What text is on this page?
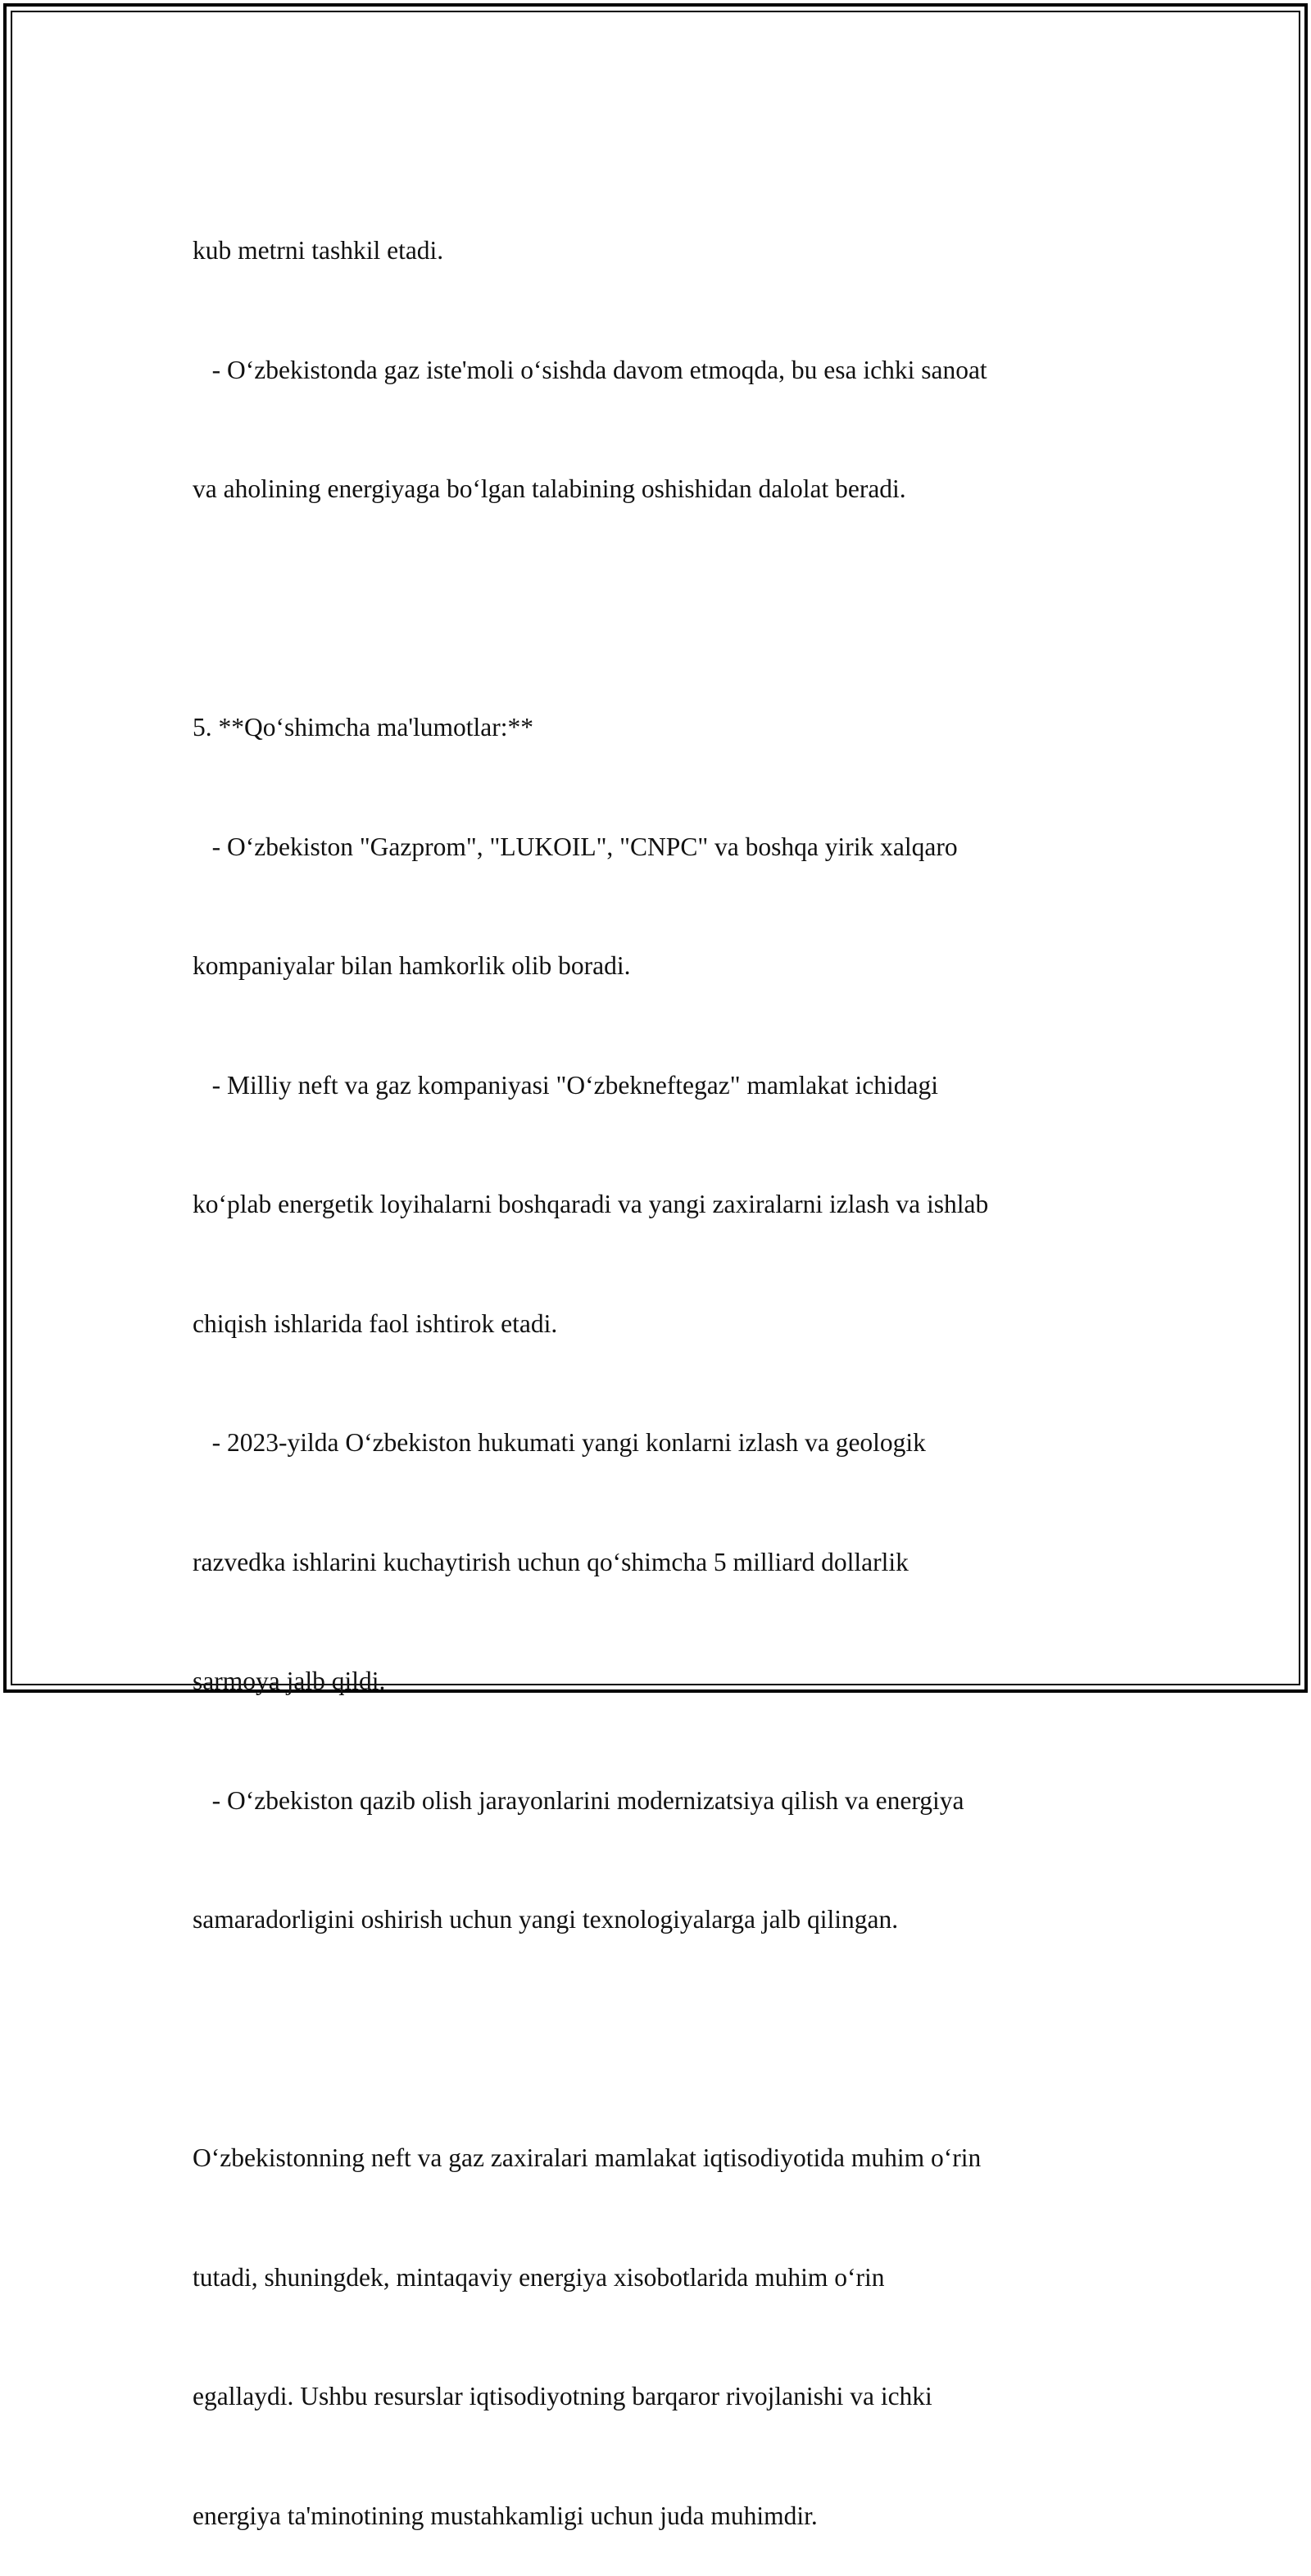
kub metrni tashkil etadi.

- O‘zbekistonda gaz iste'moli o‘sishda davom etmoqda, bu esa ichki sanoat

va aholining energiyaga bo‘lgan talabining oshishidan dalolat beradi.

5. **Qo‘shimcha ma'lumotlar:**

- O‘zbekiston "Gazprom", "LUKOIL", "CNPC" va boshqa yirik xalqaro

kompaniyalar bilan hamkorlik olib boradi.

- Milliy neft va gaz kompaniyasi "O‘zbekneftegaz" mamlakat ichidagi

ko‘plab energetik loyihalarni boshqaradi va yangi zaxiralarni izlash va ishlab

chiqish ishlarida faol ishtirok etadi.

- 2023-yilda O‘zbekiston hukumati yangi konlarni izlash va geologik

razvedka ishlarini kuchaytirish uchun qo‘shimcha 5 milliard dollarlik

sarmoya jalb qildi.

- O‘zbekiston qazib olish jarayonlarini modernizatsiya qilish va energiya

samaradorligini oshirish uchun yangi texnologiyalarga jalb qilingan.

O‘zbekistonning neft va gaz zaxiralari mamlakat iqtisodiyotida muhim o‘rin

tutadi, shuningdek, mintaqaviy energiya xisobotlarida muhim o‘rin

egallaydi. Ushbu resurslar iqtisodiyotning barqaror rivojlanishi va ichki

energiya ta'minotining mustahkamligi uchun juda muhimdir.
